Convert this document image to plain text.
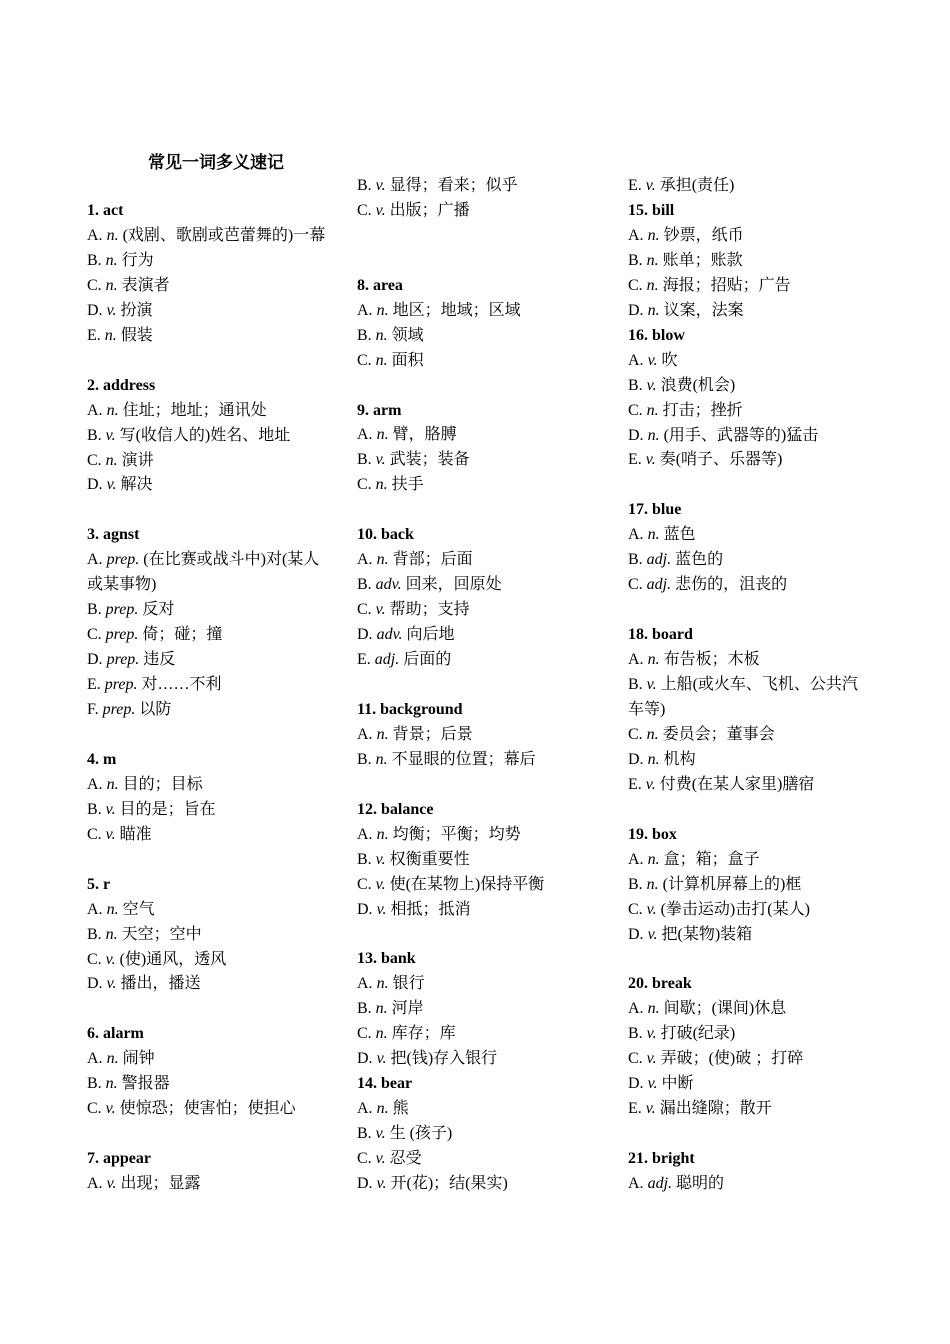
常见一词多义速记
1. act
A. n. (戏剧、歌剧或芭蕾舞的)一幕
B. n. 行为
C. n. 表演者
D. v. 扮演
E. n. 假装
2. address
A. n. 住址；地址；通讯处
B. v. 写(收信人的)姓名、地址
C. n. 演讲
D. v. 解决
3. agnst
A. prep. (在比赛或战斗中)对(某人或某事物)
B. prep. 反对
C. prep. 倚；碰；撞
D. prep. 违反
E. prep. 对……不利
F. prep. 以防
4. m
A. n. 目的；目标
B. v. 目的是；旨在
C. v. 瞄准
5. r
A. n. 空气
B. n. 天空；空中
C. v. (使)通风，透风
D. v. 播出，播送
6. alarm
A. n. 闹钟
B. n. 警报器
C. v. 使惊恐；使害怕；使担心
7. appear
A. v. 出现；显露
B. v. 显得；看来；似乎
C. v. 出版；广播
8. area
A. n. 地区；地域；区域
B. n. 领域
C. n. 面积
9. arm
A. n. 臂，胳膊
B. v. 武装；装备
C. n. 扶手
10. back
A. n. 背部；后面
B. adv. 回来，回原处
C. v. 帮助；支持
D. adv. 向后地
E. adj. 后面的
11. background
A. n. 背景；后景
B. n. 不显眼的位置；幕后
12. balance
A. n. 均衡；平衡；均势
B. v. 权衡重要性
C. v. 使(在某物上)保持平衡
D. v. 相抵；抵消
13. bank
A. n. 银行
B. n. 河岸
C. n. 库存；库
D. v. 把(钱)存入银行
14. bear
A. n. 熊
B. v. 生 (孩子)
C. v. 忍受
D. v. 开(花)；结(果实)
E. v. 承担(责任)
15. bill
A. n. 钞票，纸币
B. n. 账单；账款
C. n. 海报；招贴；广告
D. n. 议案，法案
16. blow
A. v. 吹
B. v. 浪费(机会)
C. n. 打击；挫折
D. n. (用手、武器等的)猛击
E. v. 奏(哨子、乐器等)
17. blue
A. n. 蓝色
B. adj. 蓝色的
C. adj. 悲伤的，沮丧的
18. board
A. n. 布告板；木板
B. v. 上船(或火车、飞机、公共汽车等)
C. n. 委员会；董事会
D. n. 机构
E. v. 付费(在某人家里)膳宿
19. box
A. n. 盒；箱；盒子
B. n. (计算机屏幕上的)框
C. v. (拳击运动)击打(某人)
D. v. 把(某物)装箱
20. break
A. n. 间歇；(课间)休息
B. v. 打破(纪录)
C. v. 弄破；(使)破 ；打碎
D. v. 中断
E. v. 漏出缝隙；散开
21. bright
A. adj. 聪明的
